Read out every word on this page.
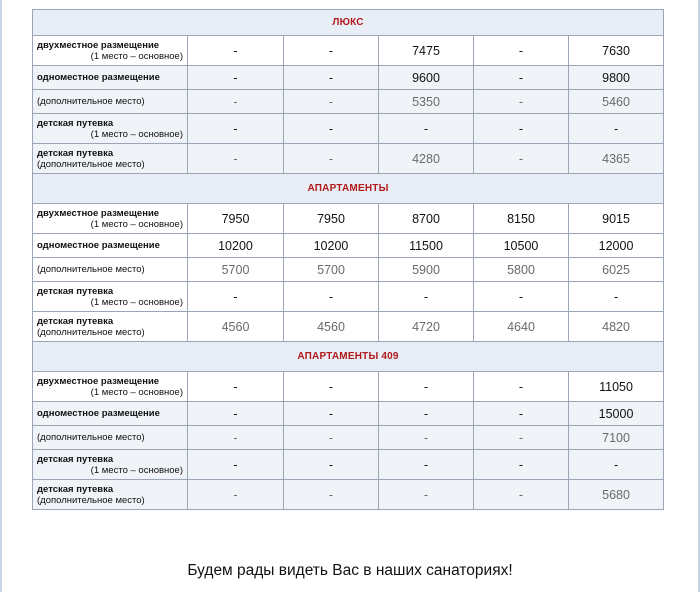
ЛЮКС					

двухместное размещение
(1 место – основное)	-	-	7475	-	7630

одноместное размещение	-	-	9600	-	9800

(дополнительное место)	-	-	5350	-	5460

детская путевка
(1 место – основное)	-	-	-	-	-

детская путевка
(дополнительное место)	-	-	4280	-	4365
АПАРТАМЕНТЫ					

двухместное размещение
(1 место – основное)	7950	7950	8700	8150	9015

одноместное размещение	10200	10200	11500	10500	12000

(дополнительное место)	5700	5700	5900	5800	6025

детская путевка
(1 место – основное)	-	-	-	-	-

детская путевка
(дополнительное место)	4560	4560	4720	4640	4820
АПАРТАМЕНТЫ 409					

двухместное размещение
(1 место – основное)	-	-	-	-	11050

одноместное размещение	-	-	-	-	15000

(дополнительное место)	-	-	-	-	7100

детская путевка
(1 место – основное)	-	-	-	-	-

детская путевка
(дополнительное место)	-	-	-	-	5680
Будем рады видеть Вас в наших санаториях!
